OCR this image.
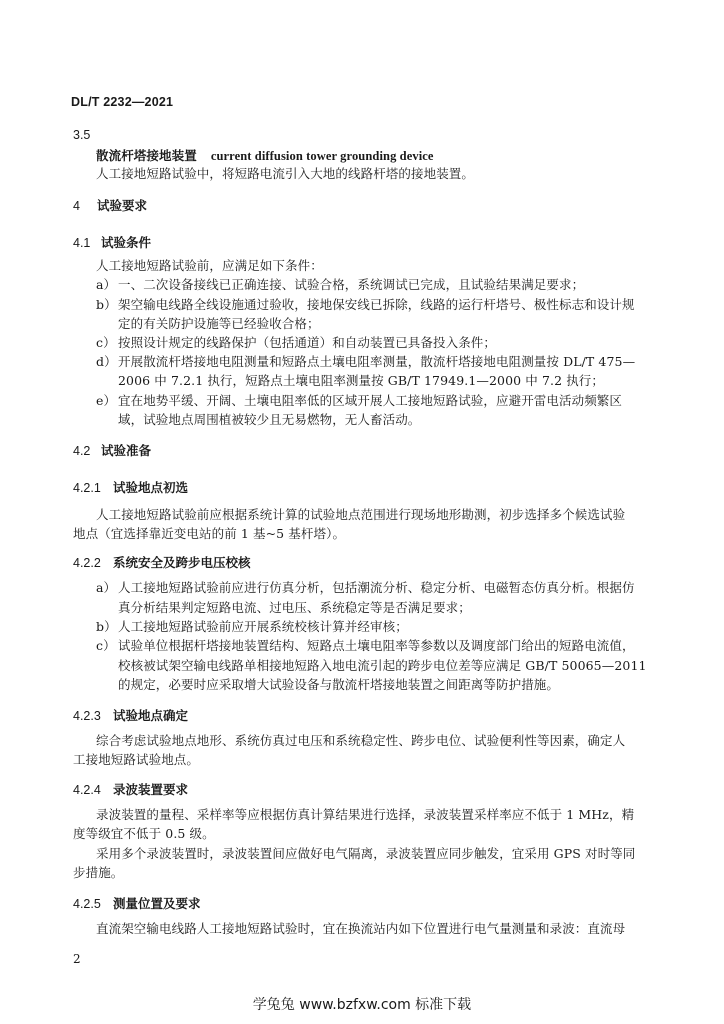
DL/T 2232—2021
3.5
散流杆塔接地装置 current diffusion tower grounding device
人工接地短路试验中，将短路电流引入大地的线路杆塔的接地装置。
4 试验要求
4.1 试验条件
人工接地短路试验前，应满足如下条件：
a） 一、二次设备接线已正确连接、试验合格，系统调试已完成，且试验结果满足要求；
b）架空输电线路全线设施通过验收，接地保安线已拆除，线路的运行杆塔号、极性标志和设计规
定的有关防护设施等已经验收合格；
c） 按照设计规定的线路保护（包括通道）和自动装置已具备投入条件；
d）开展散流杆塔接地电阻测量和短路点土壤电阻率测量，散流杆塔接地电阻测量按 DL/T 475—
2006 中 7.2.1 执行，短路点土壤电阻率测量按 GB/T 17949.1—2000 中 7.2 执行；
e） 宜在地势平缓、开阔、土壤电阻率低的区域开展人工接地短路试验，应避开雷电活动频繁区
域，试验地点周围植被较少且无易燃物，无人畜活动。
4.2 试验准备
4.2.1 试验地点初选
人工接地短路试验前应根据系统计算的试验地点范围进行现场地形勘测，初步选择多个候选试验
地点（宜选择靠近变电站的前 1 基~5 基杆塔）。
4.2.2 系统安全及跨步电压校核
a） 人工接地短路试验前应进行仿真分析，包括潮流分析、稳定分析、电磁暂态仿真分析。根据仿
真分析结果判定短路电流、过电压、系统稳定等是否满足要求；
b）人工接地短路试验前应开展系统校核计算并经审核；
c） 试验单位根据杆塔接地装置结构、短路点土壤电阻率等参数以及调度部门给出的短路电流值，
校核被试架空输电线路单相接地短路入地电流引起的跨步电位差等应满足 GB/T 50065—2011
的规定，必要时应采取增大试验设备与散流杆塔接地装置之间距离等防护措施。
4.2.3 试验地点确定
综合考虑试验地点地形、系统仿真过电压和系统稳定性、跨步电位、试验便利性等因素，确定人
工接地短路试验地点。
4.2.4 录波装置要求
录波装置的量程、采样率等应根据仿真计算结果进行选择，录波装置采样率应不低于 1 MHz，精
度等级宜不低于 0.5 级。
采用多个录波装置时，录波装置间应做好电气隔离，录波装置应同步触发，宜采用 GPS 对时等同
步措施。
4.2.5 测量位置及要求
直流架空输电线路人工接地短路试验时，宜在换流站内如下位置进行电气量测量和录波：直流母
2
学兔兔 www.bzfxw.com 标准下载
